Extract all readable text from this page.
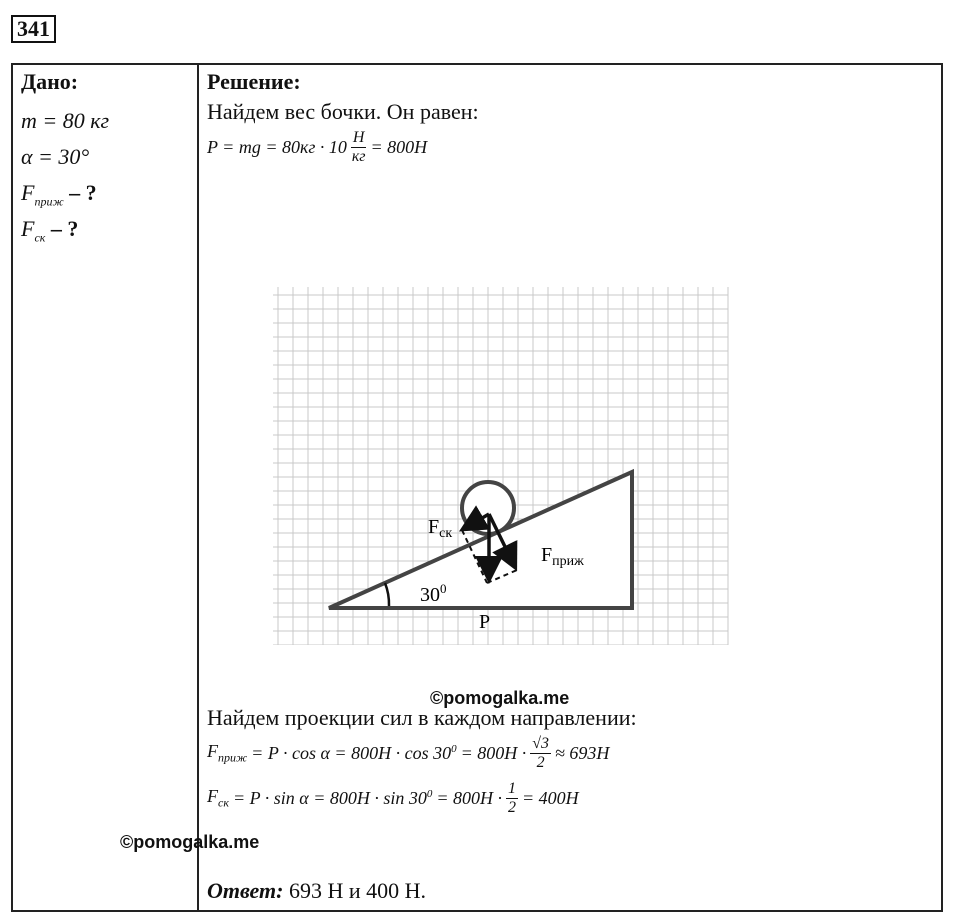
341
Дано:
m = 80 кг
α = 30°
$F_{приж}$ – ?
$F_{ск}$ – ?
Решение:
Найдем вес бочки. Он равен:
P = mg = $80кг \cdot 10 \frac{Н}{кг} = 800Н$
$F_{ск}$
$F_{приж}$
$30^0$
P
Найдем проекции сил в каждом направлении:
$F_{приж} = P \cdot \cos \alpha = 800Н \cdot \cos 30^0 = 800Н \cdot \frac{√3}{2} \approx 693Н$
$F_{ск} = P \cdot \sin \alpha = 800Н \cdot \sin 30^0 = 800Н \cdot \frac{1}{2} = 400Н$
Ответ: 693 Н и 400 Н.
©pomogalka.me
©pomogalka.me
